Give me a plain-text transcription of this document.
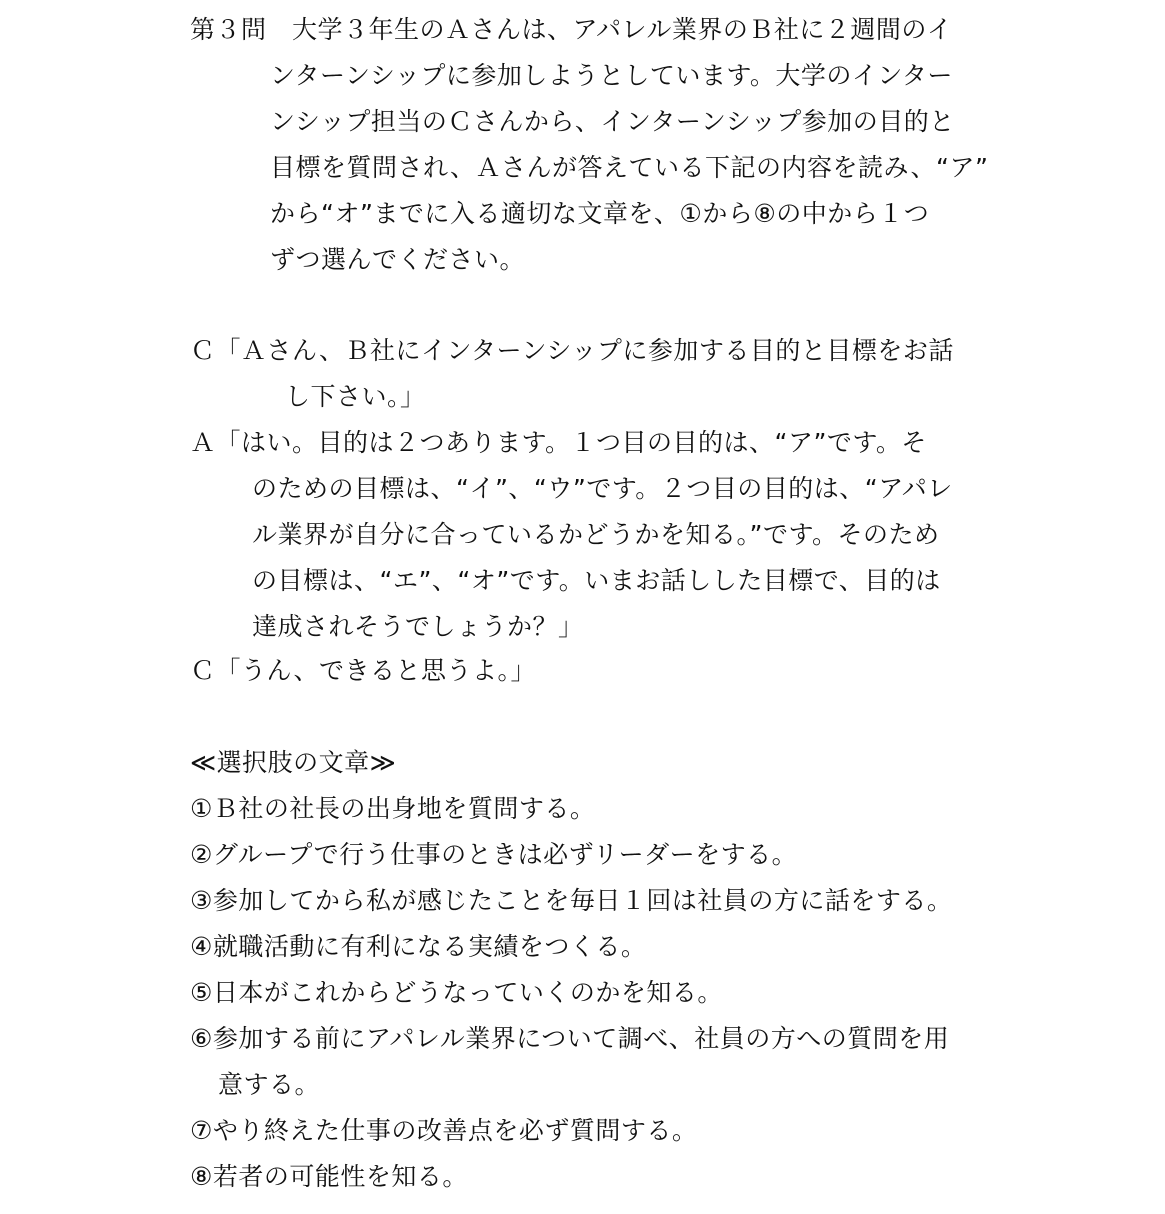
第３問　大学３年生のＡさんは、アパレル業界のＢ社に２週間のイ
ンターンシップに参加しようとしています。大学のインター
ンシップ担当のＣさんから、インターンシップ参加の目的と
目標を質問され、Ａさんが答えている下記の内容を読み、“ア”
から“オ”までに入る適切な文章を、①から⑧の中から１つ
ずつ選んでください。
Ｃ「Ａさん、Ｂ社にインターンシップに参加する目的と目標をお話
し下さい。」
Ａ「はい。目的は２つあります。１つ目の目的は、“ア”です。そ
のための目標は、“イ”、“ウ”です。２つ目の目的は、“アパレ
ル業界が自分に合っているかどうかを知る。”です。そのため
の目標は、“エ”、“オ”です。いまお話しした目標で、目的は
達成されそうでしょうか？」
Ｃ「うん、できると思うよ。」
≪選択肢の文章≫
①Ｂ社の社長の出身地を質問する。
②グループで行う仕事のときは必ずリーダーをする。
③参加してから私が感じたことを毎日１回は社員の方に話をする。
④就職活動に有利になる実績をつくる。
⑤日本がこれからどうなっていくのかを知る。
⑥参加する前にアパレル業界について調べ、社員の方への質問を用
意する。
⑦やり終えた仕事の改善点を必ず質問する。
⑧若者の可能性を知る。
